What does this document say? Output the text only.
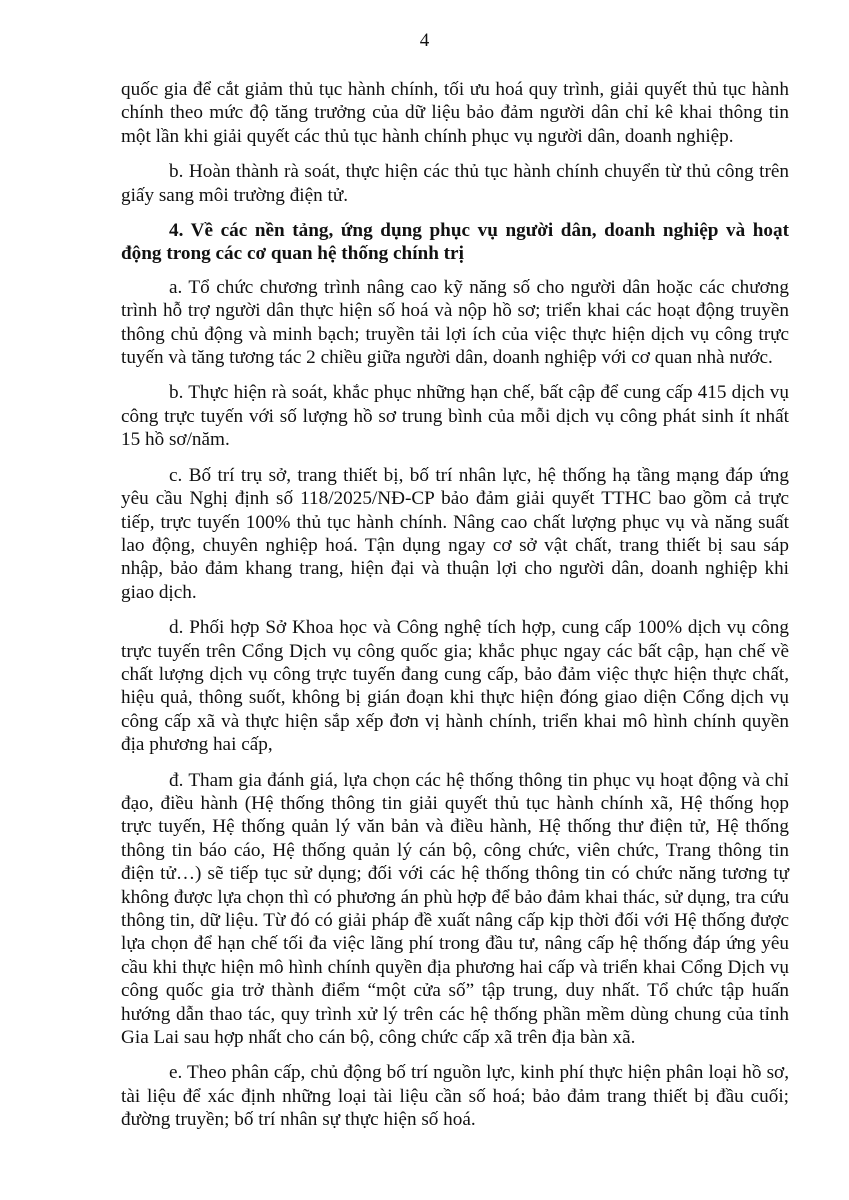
4

quốc gia để cắt giảm thủ tục hành chính, tối ưu hoá quy trình, giải quyết thủ tục hành chính theo mức độ tăng trưởng của dữ liệu bảo đảm người dân chỉ kê khai thông tin một lần khi giải quyết các thủ tục hành chính phục vụ người dân, doanh nghiệp.

b. Hoàn thành rà soát, thực hiện các thủ tục hành chính chuyển từ thủ công trên giấy sang môi trường điện tử.

4. Về các nền tảng, ứng dụng phục vụ người dân, doanh nghiệp và hoạt động trong các cơ quan hệ thống chính trị

a. Tổ chức chương trình nâng cao kỹ năng số cho người dân hoặc các chương trình hỗ trợ người dân thực hiện số hoá và nộp hồ sơ; triển khai các hoạt động truyền thông chủ động và minh bạch; truyền tải lợi ích của việc thực hiện dịch vụ công trực tuyến và tăng tương tác 2 chiều giữa người dân, doanh nghiệp với cơ quan nhà nước.

b. Thực hiện rà soát, khắc phục những hạn chế, bất cập để cung cấp 415 dịch vụ công trực tuyến với số lượng hồ sơ trung bình của mỗi dịch vụ công phát sinh ít nhất 15 hồ sơ/năm.

c. Bố trí trụ sở, trang thiết bị, bố trí nhân lực, hệ thống hạ tầng mạng đáp ứng yêu cầu Nghị định số 118/2025/NĐ-CP bảo đảm giải quyết TTHC bao gồm cả trực tiếp, trực tuyến 100% thủ tục hành chính. Nâng cao chất lượng phục vụ và năng suất lao động, chuyên nghiệp hoá. Tận dụng ngay cơ sở vật chất, trang thiết bị sau sáp nhập, bảo đảm khang trang, hiện đại và thuận lợi cho người dân, doanh nghiệp khi giao dịch.

d. Phối hợp Sở Khoa học và Công nghệ tích hợp, cung cấp 100% dịch vụ công trực tuyến trên Cổng Dịch vụ công quốc gia; khắc phục ngay các bất cập, hạn chế về chất lượng dịch vụ công trực tuyến đang cung cấp, bảo đảm việc thực hiện thực chất, hiệu quả, thông suốt, không bị gián đoạn khi thực hiện đóng giao diện Cổng dịch vụ công cấp xã và thực hiện sắp xếp đơn vị hành chính, triển khai mô hình chính quyền địa phương hai cấp,

đ. Tham gia đánh giá, lựa chọn các hệ thống thông tin phục vụ hoạt động và chỉ đạo, điều hành (Hệ thống thông tin giải quyết thủ tục hành chính xã, Hệ thống họp trực tuyến, Hệ thống quản lý văn bản và điều hành, Hệ thống thư điện tử, Hệ thống thông tin báo cáo, Hệ thống quản lý cán bộ, công chức, viên chức, Trang thông tin điện tử…) sẽ tiếp tục sử dụng; đối với các hệ thống thông tin có chức năng tương tự không được lựa chọn thì có phương án phù hợp để bảo đảm khai thác, sử dụng, tra cứu thông tin, dữ liệu. Từ đó có giải pháp đề xuất nâng cấp kịp thời đối với Hệ thống được lựa chọn để hạn chế tối đa việc lãng phí trong đầu tư, nâng cấp hệ thống đáp ứng yêu cầu khi thực hiện mô hình chính quyền địa phương hai cấp và triển khai Cổng Dịch vụ công quốc gia trở thành điểm “một cửa số” tập trung, duy nhất. Tổ chức tập huấn hướng dẫn thao tác, quy trình xử lý trên các hệ thống phần mềm dùng chung của tỉnh Gia Lai sau hợp nhất cho cán bộ, công chức cấp xã trên địa bàn xã.

e. Theo phân cấp, chủ động bố trí nguồn lực, kinh phí thực hiện phân loại hồ sơ, tài liệu để xác định những loại tài liệu cần số hoá; bảo đảm trang thiết bị đầu cuối; đường truyền; bố trí nhân sự thực hiện số hoá.
